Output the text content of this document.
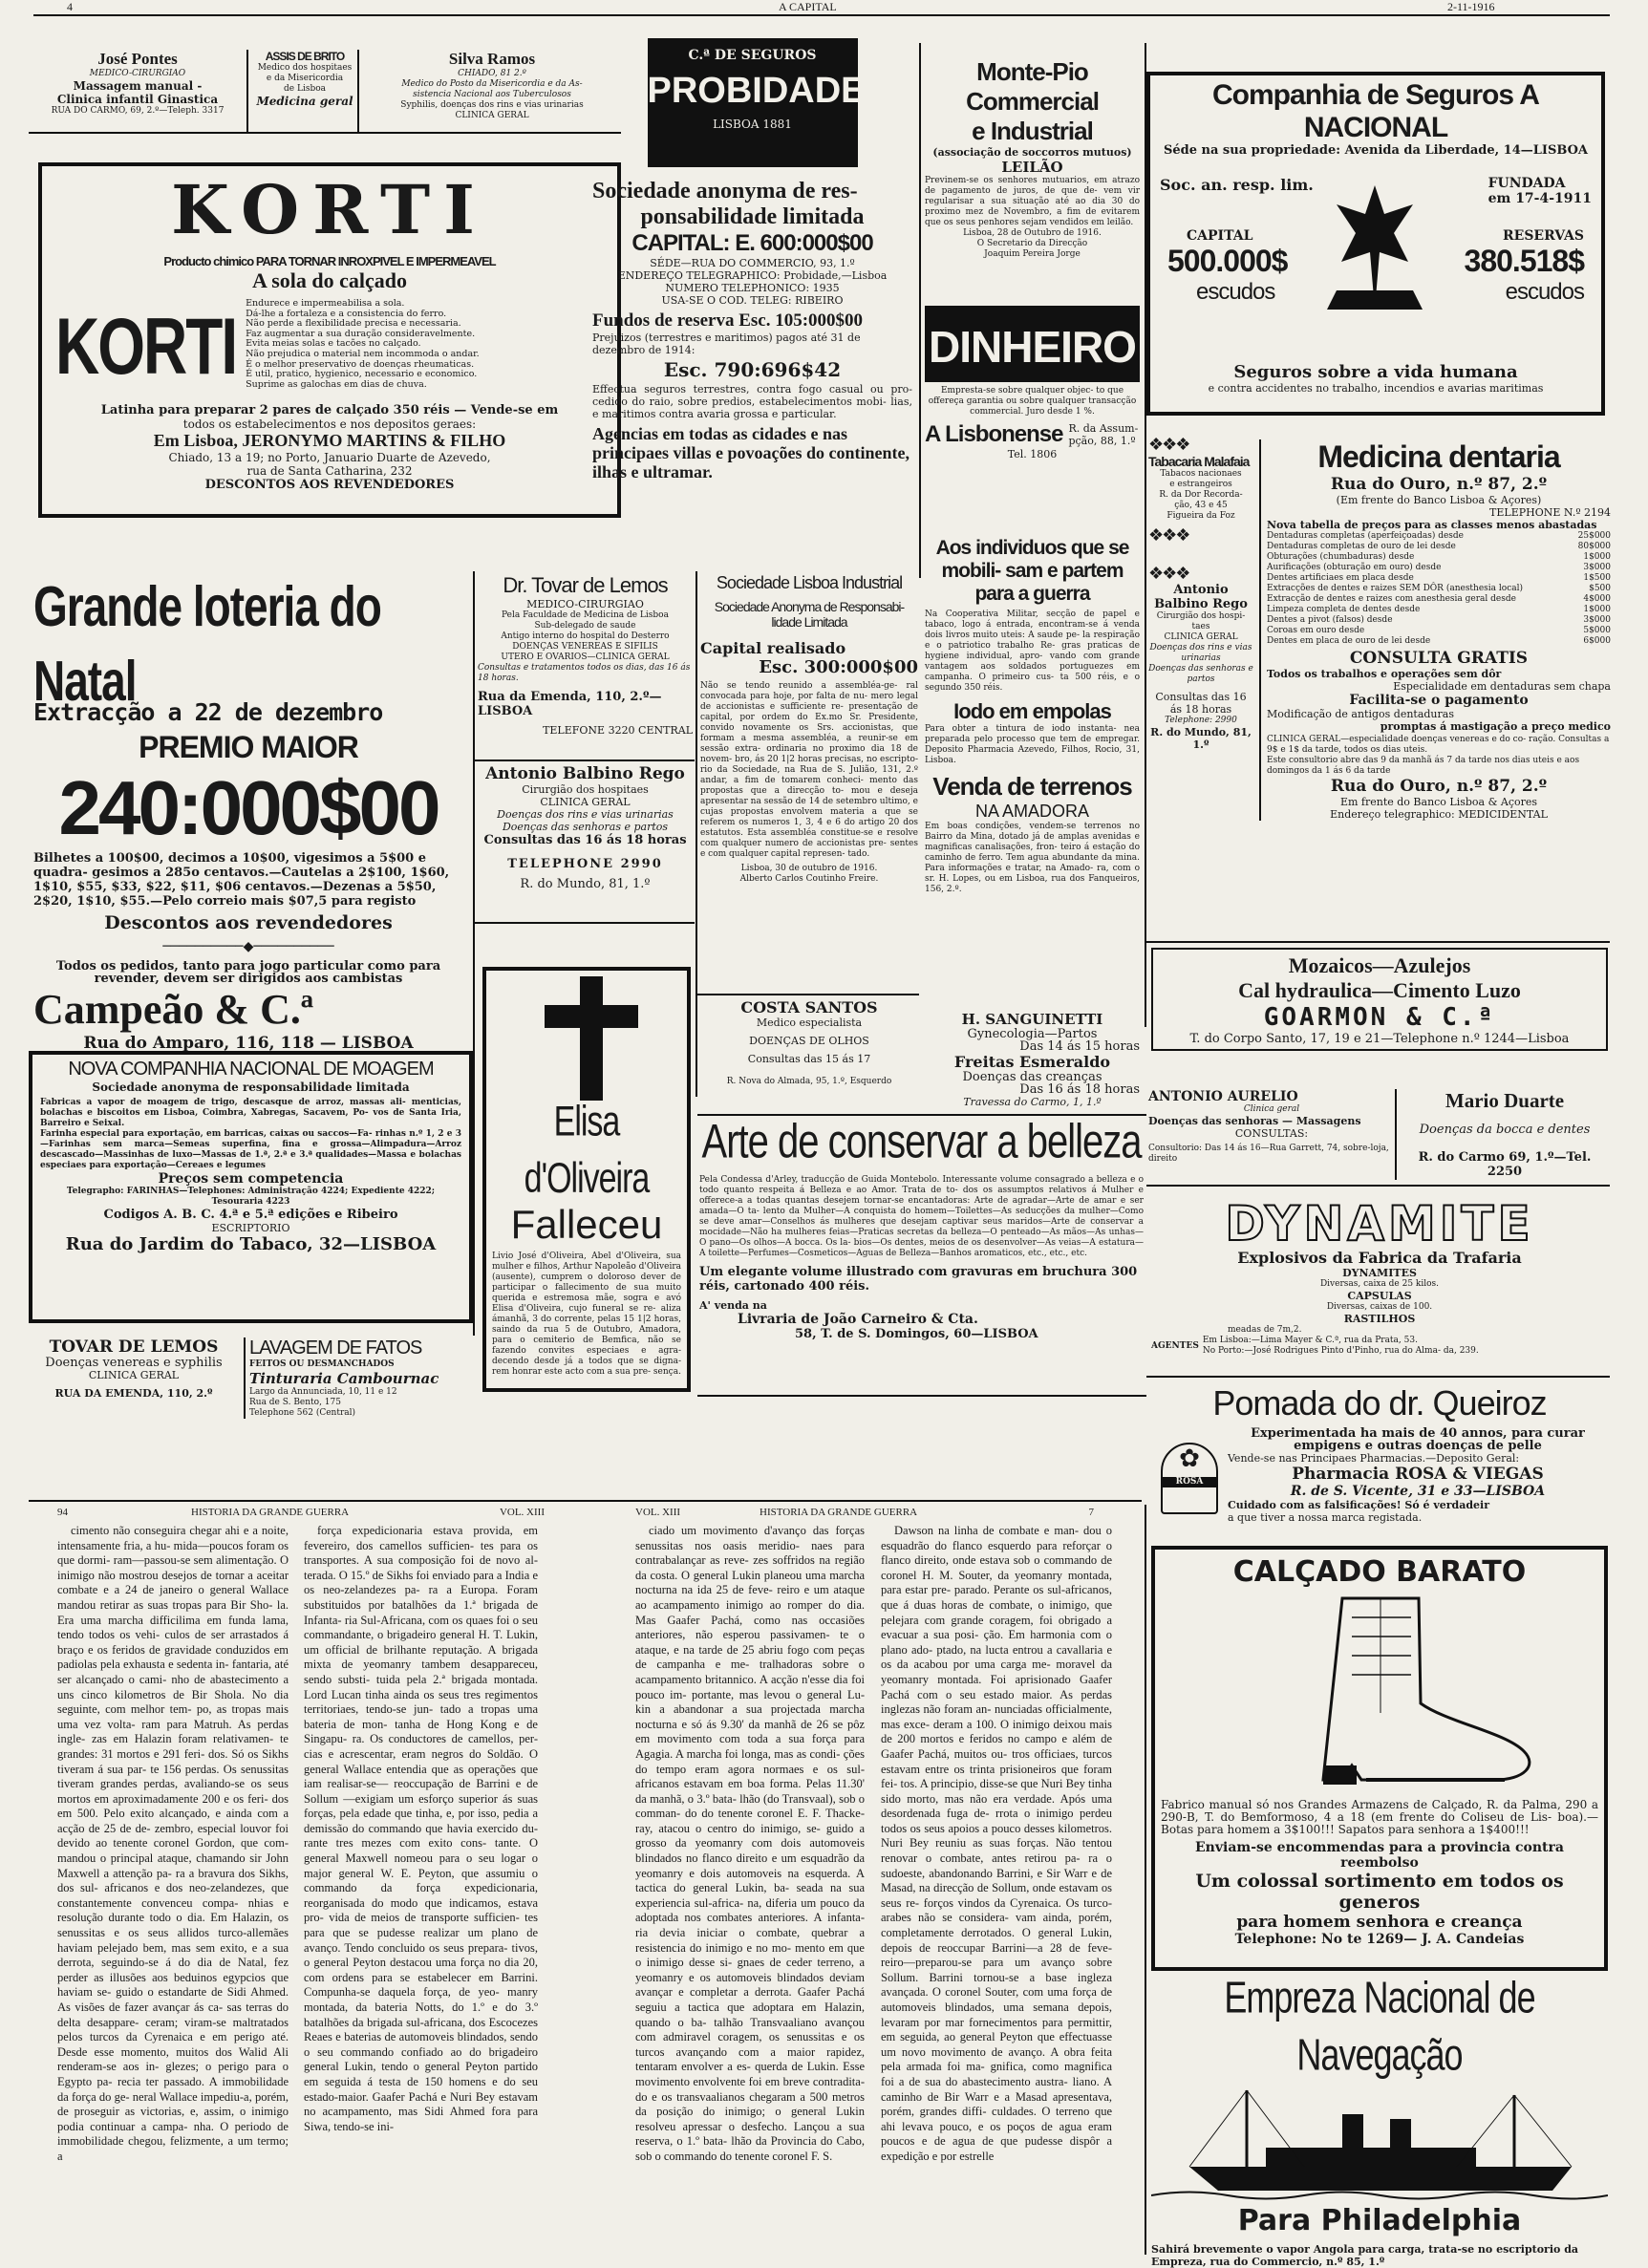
4	A CAPITAL	2-11-1916
José Pontes
MEDICO-CIRURGIAO
Massagem manual -
Clinica infantil Ginastica
RUA DO CARMO, 69, 2.º—Teleph. 3317
ASSIS DE BRITO
Medico dos hospitaes
e da Misericordia
de Lisboa
Medicina geral
Silva Ramos
CHIADO, 81 2.º
Medico do Posto da Misericordia e da As-
sistencia Nacional aos Tuberculosos
Syphilis, doenças dos rins e vias urinarias
CLINICA GERAL
KORTI
Producto chimico PARA TORNAR INROXPIVEL E IMPERMEAVEL
A sola do calçado
KORTI Endurece e impermeabilisa a sola.
Dá-lhe a fortaleza e a consistencia do ferro.
Não perde a flexibilidade precisa e necessaria.
Faz augmentar a sua duração consideravelmente.
Evita meias solas e tacões no calçado.
Não prejudica o material nem incommoda o andar.
É o melhor preservativo de doenças rheumaticas.
É util, pratico, hygienico, necessario e economico.
Suprime as galochas em dias de chuva.
Latinha para preparar 2 pares de calçado 350 réis — Vende-se em
todos os estabelecimentos e nos depositos geraes:
Em Lisboa, JERONYMO MARTINS & FILHO
Chiado, 13 a 19; no Porto, Januario Duarte de Azevedo,
rua de Santa Catharina, 232
DESCONTOS AOS REVENDEDORES
C.ª DE SEGUROS
PROBIDADE
LISBOA 1881
Sociedade anonyma de res-
ponsabilidade limitada
CAPITAL: E. 600:000$00
SÉDE—RUA DO COMMERCIO, 93, 1.º
ENDEREÇO TELEGRAPHICO: Probidade,—Lisboa
NUMERO TELEPHONICO: 1935
USA-SE O COD. TELEG: RIBEIRO
Fundos de reserva Esc. 105:000$00
Prejuizos (terrestres e maritimos) pagos até 31 de
dezembro de 1914:
Esc. 790:696$42
Effectua seguros terrestres, contra fogo casual ou pro- cedido do raio, sobre predios, estabelecimentos mobi- lias, e maritimos contra avaria grossa e particular.
Agencias em todas as cidades e nas principaes villas e povoações do continente, ilhas e ultramar.
Monte-Pio Commercial
e Industrial
(associação de soccorros mutuos)
LEILÃO
Previnem-se os senhores mutuarios, em atrazo de pagamento de juros, de que de- vem vir regularisar a sua situação até ao dia 30 do proximo mez de Novembro, a fim de evitarem que os seus penhores sejam vendidos em leilão.
Lisboa, 28 de Outubro de 1916.
O Secretario da Direcção
Joaquim Pereira Jorge
DINHEIRO
Empresta-se sobre qualquer objec- to que offereça garantia ou sobre qualquer transacção commercial. Juro desde 1 %.
A Lisbonense R. da Assum-
pção, 88, 1.º
Tel. 1806
Companhia de Seguros A NACIONAL
Séde na sua propriedade: Avenida da Liberdade, 14—LISBOA
Soc. an. resp. lim.	FUNDADA
em 17-4-1911
CAPITAL
500.000$
escudos
RESERVAS
380.518$
escudos
Seguros sobre a vida humana
e contra accidentes no trabalho, incendios e avarias maritimas
Aos individuos que se mobili- sam e partem para a guerra
Na Cooperativa Militar, secção de papel e tabaco, logo á entrada, encontram-se á venda dois livros muito uteis: A saude pe- la respiração e o patriotico trabalho Re- gras praticas de hygiene individual, apro- vando com grande vantagem aos soldados portuguezes em campanha. O primeiro cus- ta 500 réis, e o segundo 350 réis.
Iodo em empolas
Para obter a tintura de iodo instanta- nea preparada pelo processo que tem de empregar. Deposito Pharmacia Azevedo, Filhos, Rocio, 31, Lisboa.
Venda de terrenos
NA AMADORA
Em boas condições, vendem-se terrenos no Bairro da Mina, dotado já de amplas avenidas e magnificas canalisações, fron- teiro á estação do caminho de ferro. Tem agua abundante da mina. Para informações e tratar, na Amado- ra, com o sr. H. Lopes, ou em Lisboa, rua dos Fanqueiros, 156, 2.º.
❖❖❖
Tabacaria Malafaia
Tabacos nacionaes
e estrangeiros
R. da Dor Recorda-
ção, 43 e 45
Figueira da Foz
❖❖❖
❖❖❖
Antonio Balbino Rego
Cirurgião dos hospi- taes
CLINICA GERAL
Doenças dos rins e vias urinarias
Doenças das senhoras e partos
Consultas das 16 ás 18 horas
Telephone: 2990
R. do Mundo, 81, 1.º
Medicina dentaria
Rua do Ouro, n.º 87, 2.º
(Em frente do Banco Lisboa & Açores)
TELEPHONE N.º 2194
Nova tabella de preços para as classes menos abastadas
Dentaduras completas (aperfeiçoadas) desde	25$000
Dentaduras completas de ouro de lei desde	80$000
Obturações (chumbaduras) desde	1$000
Aurificações (obturação em ouro) desde	3$000
Dentes artificiaes em placa desde	1$500
Extracções de dentes e raizes SEM DÔR (anesthesia local)	$500
Extracção de dentes e raizes com anesthesia geral desde	4$000
Limpeza completa de dentes desde	1$000
Dentes a pivot (falsos) desde	3$000
Coroas em ouro desde	5$000
Dentes em placa de ouro de lei desde	6$000
CONSULTA GRATIS
Todos os trabalhos e operações sem dôr
Especialidade em dentaduras sem chapa
Facilita-se o pagamento
Modificação de antigos dentaduras
promptas á mastigação a preço medico
CLINICA GERAL—especialidade doenças venereas e do co- ração. Consultas a 9$ e 1$ da tarde, todos os dias uteis.
Este consultorio abre das 9 da manhã ás 7 da tarde nos dias uteis e aos domingos da 1 ás 6 da tarde
Rua do Ouro, n.º 87, 2.º
Em frente do Banco Lisboa & Açores
Endereço telegraphico: MEDICIDENTAL
Grande loteria do Natal
Extracção a 22 de dezembro
PREMIO MAIOR
240:000$00
Bilhetes a 100$00, decimos a 10$00, vigesimos a 5$00 e quadra- gesimos a 285o centavos.—Cautelas a 2$100, 1$60, 1$10, $55, $33, $22, $11, $06 centavos.—Dezenas a 5$50, 2$20, 1$10, $55.—Pelo correio mais $07,5 para registo
Descontos aos revendedores
──────────◆──────────
Todos os pedidos, tanto para jogo particular como para revender, devem ser dirigidos aos cambistas
Campeão & C.ª
Rua do Amparo, 116, 118 — LISBOA
Dr. Tovar de Lemos
MEDICO-CIRURGIAO
Pela Faculdade de Medicina de Lisboa
Sub-delegado de saude
Antigo interno do hospital do Desterro
DOENÇAS VENEREAS E SIFILIS
UTERO E OVARIOS—CLINICA GERAL
Consultas e tratamentos todos os dias, das 16 ás 18 horas.
Rua da Emenda, 110, 2.º—LISBOA
TELEFONE 3220 CENTRAL
Antonio Balbino Rego
Cirurgião dos hospitaes
CLINICA GERAL
Doenças dos rins e vias urinarias
Doenças das senhoras e partos
Consultas das 16 ás 18 horas
TELEPHONE 2990
R. do Mundo, 81, 1.º
Sociedade Lisboa Industrial
Sociedade Anonyma de Responsabi- lidade Limitada
Capital realisado
Esc. 300:000$00
Não se tendo reunido a assembléa-ge- ral convocada para hoje, por falta de nu- mero legal de accionistas e sufficiente re- presentação de capital, por ordem do Ex.mo Sr. Presidente, convido novamente os Srs. accionistas, que formam a mesma assembléa, a reunir-se em sessão extra- ordinaria no proximo dia 18 de novem- bro, ás 20 1|2 horas precisas, no escripto- rio da Sociedade, na Rua de S. Julião, 131, 2.º andar, a fim de tomarem conheci- mento das propostas que a direcção to- mou e deseja apresentar na sessão de 14 de setembro ultimo, e cujas propostas envolvem materia a que se referem os numeros 1, 3, 4 e 6 do artigo 20 dos estatutos. Esta assembléa constitue-se e resolve com qualquer numero de accionistas pre- sentes e com qualquer capital represen- tado.
Lisboa, 30 de outubro de 1916.
Alberto Carlos Coutinho Freire.
COSTA SANTOS
Medico especialista
DOENÇAS DE OLHOS
Consultas das 15 ás 17
R. Nova do Almada, 95, 1.º, Esquerdo
H. SANGUINETTI
Gynecologia—Partos
Das 14 ás 15 horas
Freitas Esmeraldo
Doenças das creanças
Das 16 ás 18 horas
Travessa do Carmo, 1, 1.º
Mozaicos—Azulejos
Cal hydraulica—Cimento Luzo
GOARMON & C.ª
T. do Corpo Santo, 17, 19 e 21—Telephone n.º 1244—Lisboa
ANTONIO AURELIO
Clinica geral
Doenças das senhoras — Massagens
CONSULTAS:
Consultorio: Das 14 ás 16—Rua Garrett, 74, sobre-loja, direito
Mario Duarte
Doenças da bocca e dentes
R. do Carmo 69, 1.º—Tel. 2250
NOVA COMPANHIA NACIONAL DE MOAGEM
Sociedade anonyma de responsabilidade limitada
Fabricas a vapor de moagem de trigo, descasque de arroz, massas ali- menticias, bolachas e biscoitos em Lisboa, Coimbra, Xabregas, Sacavem, Po- vos de Santa Iria, Barreiro e Seixal.
Farinha especial para exportação, em barricas, caixas ou saccos—Fa- rinhas n.º 1, 2 e 3—Farinhas sem marca—Semeas superfina, fina e grossa—Alimpadura—Arroz descascado—Massinhas de luxo—Massas de 1.ª, 2.ª e 3.ª qualidades—Massa e bolachas especiaes para exportação—Cereaes e legumes
Preços sem competencia
Telegrapho: FARINHAS—Telephones: Administração 4224; Expediente 4222; Tesouraria 4223
Codigos A. B. C. 4.ª e 5.ª edições e Ribeiro
ESCRIPTORIO
Rua do Jardim do Tabaco, 32—LISBOA
TOVAR DE LEMOS
Doenças venereas e syphilis
CLINICA GERAL
RUA DA EMENDA, 110, 2.º
LAVAGEM DE FATOS
FEITOS OU DESMANCHADOS
Tinturaria Cambournac
Largo da Annunciada, 10, 11 e 12
Rua de S. Bento, 175
Telephone 562 (Central)
Elisa d'Oliveira
Falleceu
Livio José d'Oliveira, Abel d'Oliveira, sua mulher e filhos, Arthur Napoleão d'Oliveira (ausente), cumprem o doloroso dever de participar o fallecimento de sua muito querida e estremosa mãe, sogra e avó Elisa d'Oliveira, cujo funeral se re- aliza ámanhã, 3 do corrente, pelas 15 1|2 horas, saindo da rua 5 de Outubro, Amadora, para o cemiterio de Bemfica, não se fazendo convites especiaes e agra- decendo desde já a todos que se digna- rem honrar este acto com a sua pre- sença.
Arte de conservar a belleza
Pela Condessa d'Arley, traducção de Guida Montebolo. Interessante volume consagrado a belleza e o todo quanto respeita á Belleza e ao Amor. Trata de to- dos os assumptos relativos á Mulher e offerece-a a todas quantas desejem tornar-se encantadoras: Arte de agradar—Arte de amar e ser amada—O ta- lento da Mulher—A conquista do homem—Toilettes—As seducções da mulher—Como se deve amar—Conselhos ás mulheres que desejam captivar seus maridos—Arte de conservar a mocidade—Não ha mulheres feias—Praticas secretas da belleza—O penteado—As mãos—As unhas—O pano—Os olhos—A bocca. Os la- bios—Os dentes, meios de os desenvolver—As veias—A estatura—A toilette—Perfumes—Cosmeticos—Aguas de Belleza—Banhos aromaticos, etc., etc., etc.
Um elegante volume illustrado com gravuras em bruchura 300 réis, cartonado 400 réis.
A' venda na
Livraria de João Carneiro & Cta.
58, T. de S. Domingos, 60—LISBOA
DYNAMITE
Explosivos da Fabrica da Trafaria
DYNAMITES
Diversas, caixa de 25 kilos.
CAPSULAS
Diversas, caixas de 100.
RASTILHOS
meadas de 7m,2.
AGENTES
Em Lisboa:—Lima Mayer & C.ª, rua da Prata, 53.
No Porto:—José Rodrigues Pinto d'Pinho, rua do Alma- da, 239.
Pomada do dr. Queiroz
✿
ROSA
Experimentada ha mais de 40 annos, para curar
empigens e outras doenças de pelle
Vende-se nas Principaes Pharmacias.—Deposito Geral:
Pharmacia ROSA & VIEGAS
R. de S. Vicente, 31 e 33—LISBOA
Cuidado com as falsificações! Só é verdadeir
a que tiver a nossa marca registada.
CALÇADO BARATO
Fabrico manual só nos Grandes Armazens de Calçado, R. da Palma, 290 a 290-B, T. do Bemformoso, 4 a 18 (em frente do Coliseu de Lis- boa).—Botas para homem a 3$100!!! Sapatos para senhora a 1$400!!!
Enviam-se encommendas para a provincia contra reembolso
Um colossal sortimento em todos os generos
para homem senhora e creança
Telephone: No te 1269— J. A. Candeias
Empreza Nacional de Navegação
Para Philadelphia
Sahirá brevemente o vapor Angola para carga, trata-se no escriptorio da Empreza, rua do Commercio, n.º 85, 1.º
94	HISTORIA DA GRANDE GUERRA	VOL. XIII	VOL. XIII	HISTORIA DA GRANDE GUERRA	7

cimento não conseguira chegar ahi e a noite, intensamente fria, a hu- mida—poucos foram os que dormi- ram—passou-se sem alimentação. O inimigo não mostrou desejos de tornar a aceitar combate e a 24 de janeiro o general Wallace mandou retirar as suas tropas para Bir Sho- la. Era uma marcha difficilima em funda lama, tendo todos os vehi- culos de ser arrastados á braço e os feridos de gravidade conduzidos em padiolas pela exhausta e sedenta in- fantaria, até ser alcançado o cami- nho de abastecimento a uns cinco kilometros de Bir Shola. No dia seguinte, com melhor tem- po, as tropas mais uma vez volta- ram para Matruh. As perdas ingle- zas em Halazin foram relativamen- te grandes: 31 mortos e 291 feri- dos. Só os Sikhs tiveram á sua par- te 156 perdas. Os senussitas tiveram grandes perdas, avaliando-se os seus mortos em aproximadamente 200 e os feri- dos em 500. Pelo exito alcançado, e ainda com a acção de 25 de de- zembro, especial louvor foi devido ao tenente coronel Gordon, que com- mandou o principal ataque, chamando sir John Maxwell a attenção pa- ra a bravura dos Sikhs, dos sul- africanos e dos neo-zelandezes, que constantemente convenceu compa- nhias e resolução durante todo o dia. Em Halazin, os senussitas e os seus allidos turco-allemães haviam pelejado bem, mas sem exito, e a sua derrota, seguindo-se á do dia de Natal, fez perder as illusões aos beduinos egypcios que haviam se- guido o estandarte de Sidi Ahmed. As visões de fazer avançar ás ca- sas terras do delta desappare- ceram; viram-se maltratados pelos turcos da Cyrenaica e em perigo até. Desde esse momento, muitos dos Walid Ali renderam-se aos in- glezes; o perigo para o Egypto pa- recia ter passado. A immobilidade da força do ge- neral Wallace impediu-a, porém, de proseguir as victorias, e, assim, o inimigo podia continuar a campa- nha. O periodo de immobilidade chegou, felizmente, a um termo; a

força expedicionaria estava provida, em fevereiro, dos camellos sufficien- tes para os transportes. A sua composição foi de novo al- terada. O 15.º de Sikhs foi enviado para a India e os neo-zelandezes pa- ra a Europa. Foram substituidos por batalhões da 1.ª brigada de Infanta- ria Sul-Africana, com os quaes foi o seu commandante, o brigadeiro general H. T. Lukin, um official de brilhante reputação. A brigada mixta de yeomanry tambem desappareceu, sendo substi- tuida pela 2.ª brigada montada. Lord Lucan tinha ainda os seus tres regimentos territoriaes, tendo-se jun- tado a tropas uma bateria de mon- tanha de Hong Kong e de Singapu- ra. Os conductores de camellos, per- cias e acrescentar, eram negros do Soldão. O general Wallace entendia que as operações que iam realisar-se— reoccupação de Barrini e de Sollum —exigiam um esforço superior ás suas forças, pela edade que tinha, e, por isso, pedia a demissão do commando que havia exercido du- rante tres mezes com exito cons- tante. O general Maxwell nomeou para o seu logar o major general W. E. Peyton, que assumiu o commando da força expedicionaria, reorganisada do modo que indicamos, estava pro- vida de meios de transporte sufficien- tes para que se pudesse realizar um plano de avanço. Tendo concluido os seus prepara- tivos, o general Peyton destacou uma força no dia 20, com ordens para se estabelecer em Barrini. Compunha-se daquela força, de yeo- manry montada, da bateria Notts, do 1.º e do 3.º batalhões da brigada sul-africana, dos Escocezes Reaes e baterias de automoveis blindados, sendo o seu commando confiado ao do brigadeiro general Lukin, tendo o general Peyton partido em seguida á testa de 150 homens e do seu estado-maior. Gaafer Pachá e Nuri Bey estavam no acampamento, mas Sidi Ahmed fora para Siwa, tendo-se ini-

ciado um movimento d'avanço das forças senussitas nos oasis meridio- naes para contrabalançar as reve- zes soffridos na região da costa. O general Lukin planeou uma marcha nocturna na ida 25 de feve- reiro e um ataque ao acampamento inimigo ao romper do dia. Mas Gaafer Pachá, como nas occasiões anteriores, não esperou passivamen- te o ataque, e na tarde de 25 abriu fogo com peças de campanha e me- tralhadoras sobre o acampamento britannico. A acção n'esse dia foi pouco im- portante, mas levou o general Lu- kin a abandonar a sua projectada marcha nocturna e só ás 9.30' da manhã de 26 se pôz em movimento com toda a sua força para Agagia. A marcha foi longa, mas as condi- ções do tempo eram agora normaes e os sul-africanos estavam em boa forma. Pelas 11.30' da manhã, o 3.º bata- lhão (do Transvaal), sob o comman- do do tenente coronel E. F. Thacke- ray, atacou o centro do inimigo, se- guido a grosso da yeomanry com dois automoveis blindados no flanco direito e um esquadrão da yeomanry e dois automoveis na esquerda. A tactica do general Lukin, ba- seada na sua experiencia sul-africa- na, diferia um pouco da adoptada nos combates anteriores. A infanta- ria devia iniciar o combate, quebrar a resistencia do inimigo e no mo- mento em que o inimigo desse si- gnaes de ceder terreno, a yeomanry e os automoveis blindados deviam avançar e completar a derrota. Gaafer Pachá seguiu a tactica que adoptara em Halazin, quando o ba- talhão Transvaaliano avançou com admiravel coragem, os senussitas e os turcos avançando com a maior rapidez, tentaram envolver a es- querda de Lukin. Esse movimento envolvente foi em breve contradita- do e os transvaalianos chegaram a 500 metros da posição do inimigo; o general Lukin resolveu apressar o desfecho. Lançou a sua reserva, o 1.º bata- lhão da Provincia do Cabo, sob o commando do tenente coronel F. S.

Dawson na linha de combate e man- dou o esquadrão do flanco esquerdo para reforçar o flanco direito, onde estava sob o commando de coronel H. M. Souter, da yeomanry montada, para estar pre- parado. Perante os sul-africanos, que á duas horas de combate, o inimigo, que pelejara com grande coragem, foi obrigado a evacuar a sua posi- ção. Em harmonia com o plano ado- ptado, na lucta entrou a cavallaria e os da acabou por uma carga me- moravel da yeomanry montada. Foi aprisionado Gaafer Pachá com o seu estado maior. As perdas inglezas não foram an- nunciadas officialmente, mas exce- deram a 100. O inimigo deixou mais de 200 mortos e feridos no campo e além de Gaafer Pachá, muitos ou- tros officiaes, turcos estavam entre os trinta prisioneiros que foram fei- tos. A principio, disse-se que Nuri Bey tinha sido morto, mas não era verdade. Após uma desordenada fuga de- rrota o inimigo perdeu todos os seus apoios a pouco desses kilometros. Nuri Bey reuniu as suas forças. Não tentou renovar o combate, antes retirou pa- ra o sudoeste, abandonando Barrini, e Sir Warr e de Masad, na direcção de Sollum, onde estavam os seus re- forços vindos da Cyrenaica. Os turco-arabes não se considera- vam ainda, porém, completamente derrotados. O general Lukin, depois de reoccupar Barrini—a 28 de feve- reiro—preparou-se para um avanço sobre Sollum. Barrini tornou-se a base ingleza avançada. O coronel Souter, com uma força de automoveis blindados, uma semana depois, levaram por mar fornecimentos para permittir, em seguida, ao general Peyton que effectuasse um novo movimento de avanço. A obra feita pela armada foi ma- gnifica, como magnifica foi a de sua do abastecimento austra- liano. A caminho de Bir Warr e a Masad apresentava, porém, grandes diffi- culdades. O terreno que ahi levava pouco, e os poços de agua eram poucos e de agua de que pudesse dispôr a expedição e por estrelle
